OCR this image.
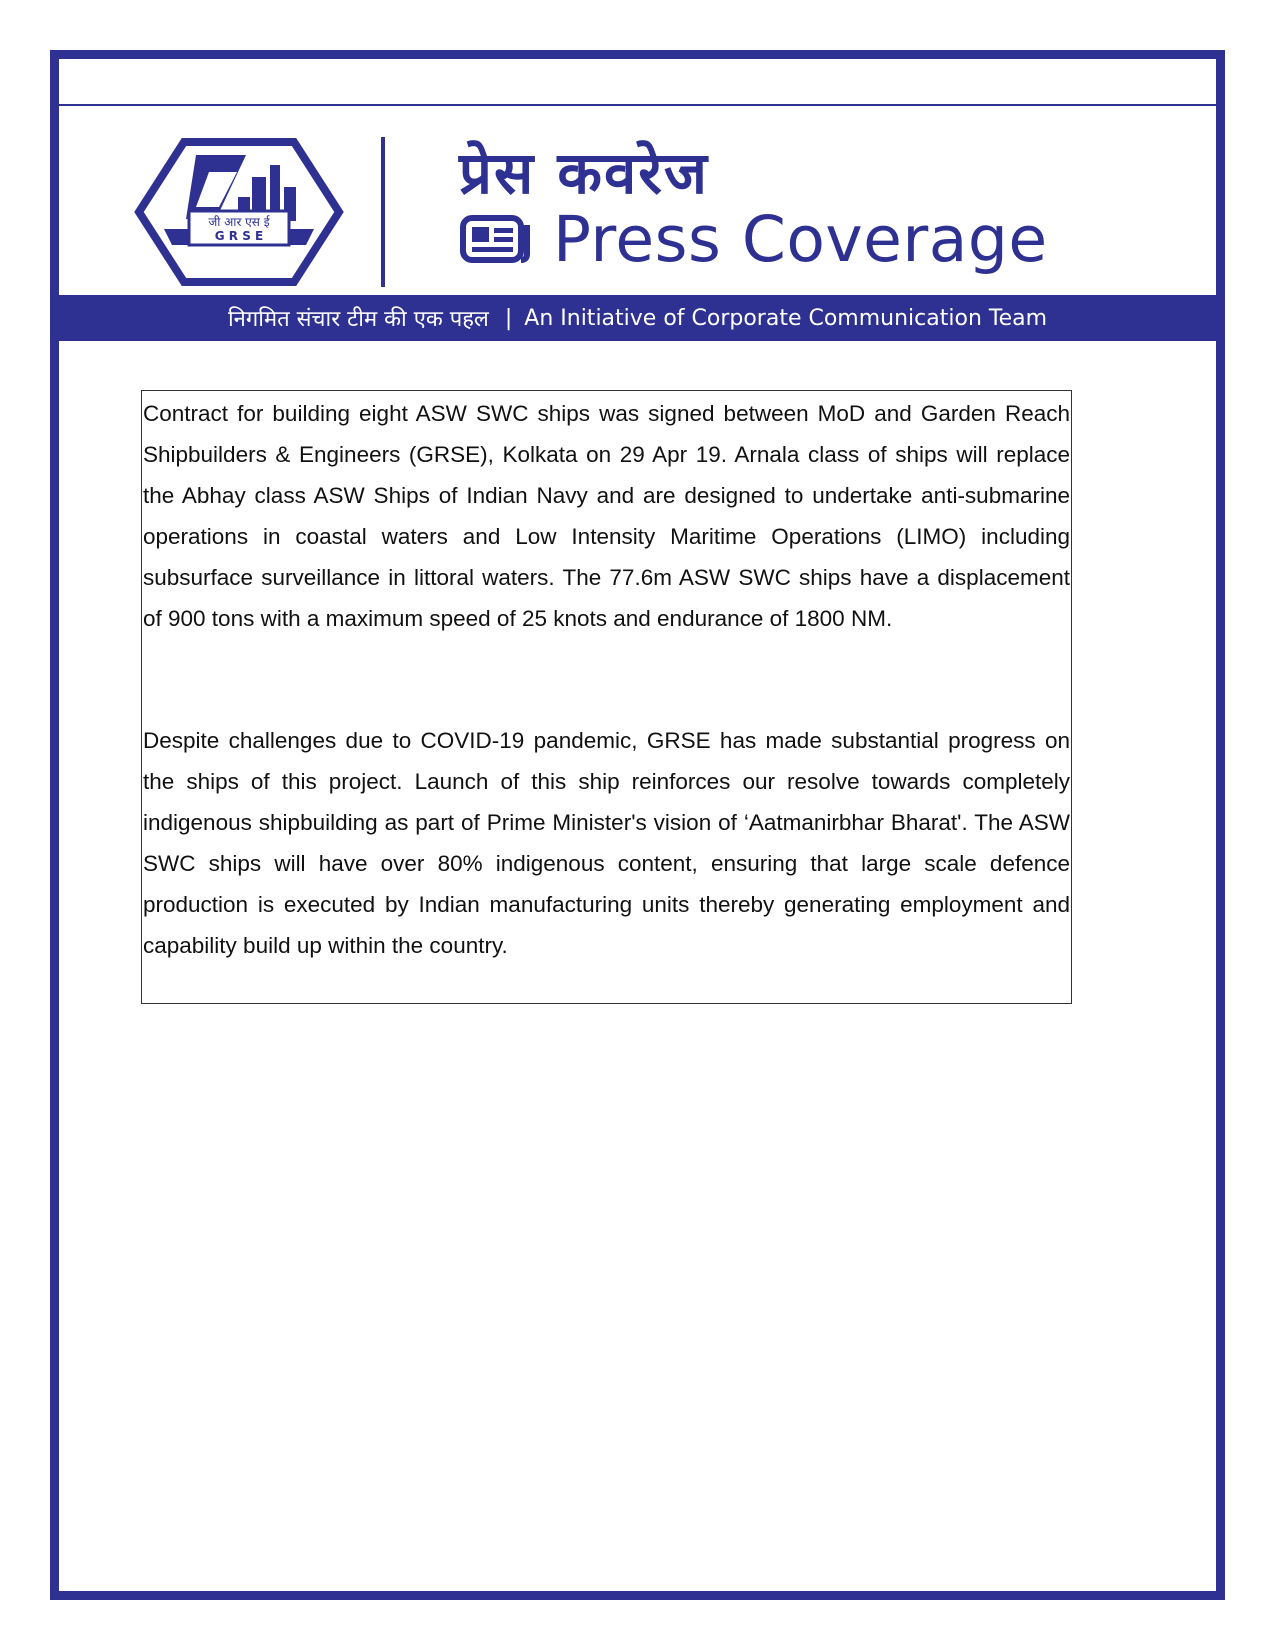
जी आर एस ई
G R S E
प्रेस कवरेज
Press Coverage
निगमित संचार टीम की एक पहल | An Initiative of Corporate Communication Team

Contract for building eight ASW SWC ships was signed between MoD and Garden Reach Shipbuilders & Engineers (GRSE), Kolkata on 29 Apr 19. Arnala class of ships will replace the Abhay class ASW Ships of Indian Navy and are designed to undertake anti-submarine operations in coastal waters and Low Intensity Maritime Operations (LIMO) including subsurface surveillance in littoral waters. The 77.6m ASW SWC ships have a displacement of 900 tons with a maximum speed of 25 knots and endurance of 1800 NM.

Despite challenges due to COVID-19 pandemic, GRSE has made substantial progress on the ships of this project. Launch of this ship reinforces our resolve towards completely indigenous shipbuilding as part of Prime Minister's vision of ‘Aatmanirbhar Bharat'. The ASW SWC ships will have over 80% indigenous content, ensuring that large scale defence production is executed by Indian manufacturing units thereby generating employment and capability build up within the country.
